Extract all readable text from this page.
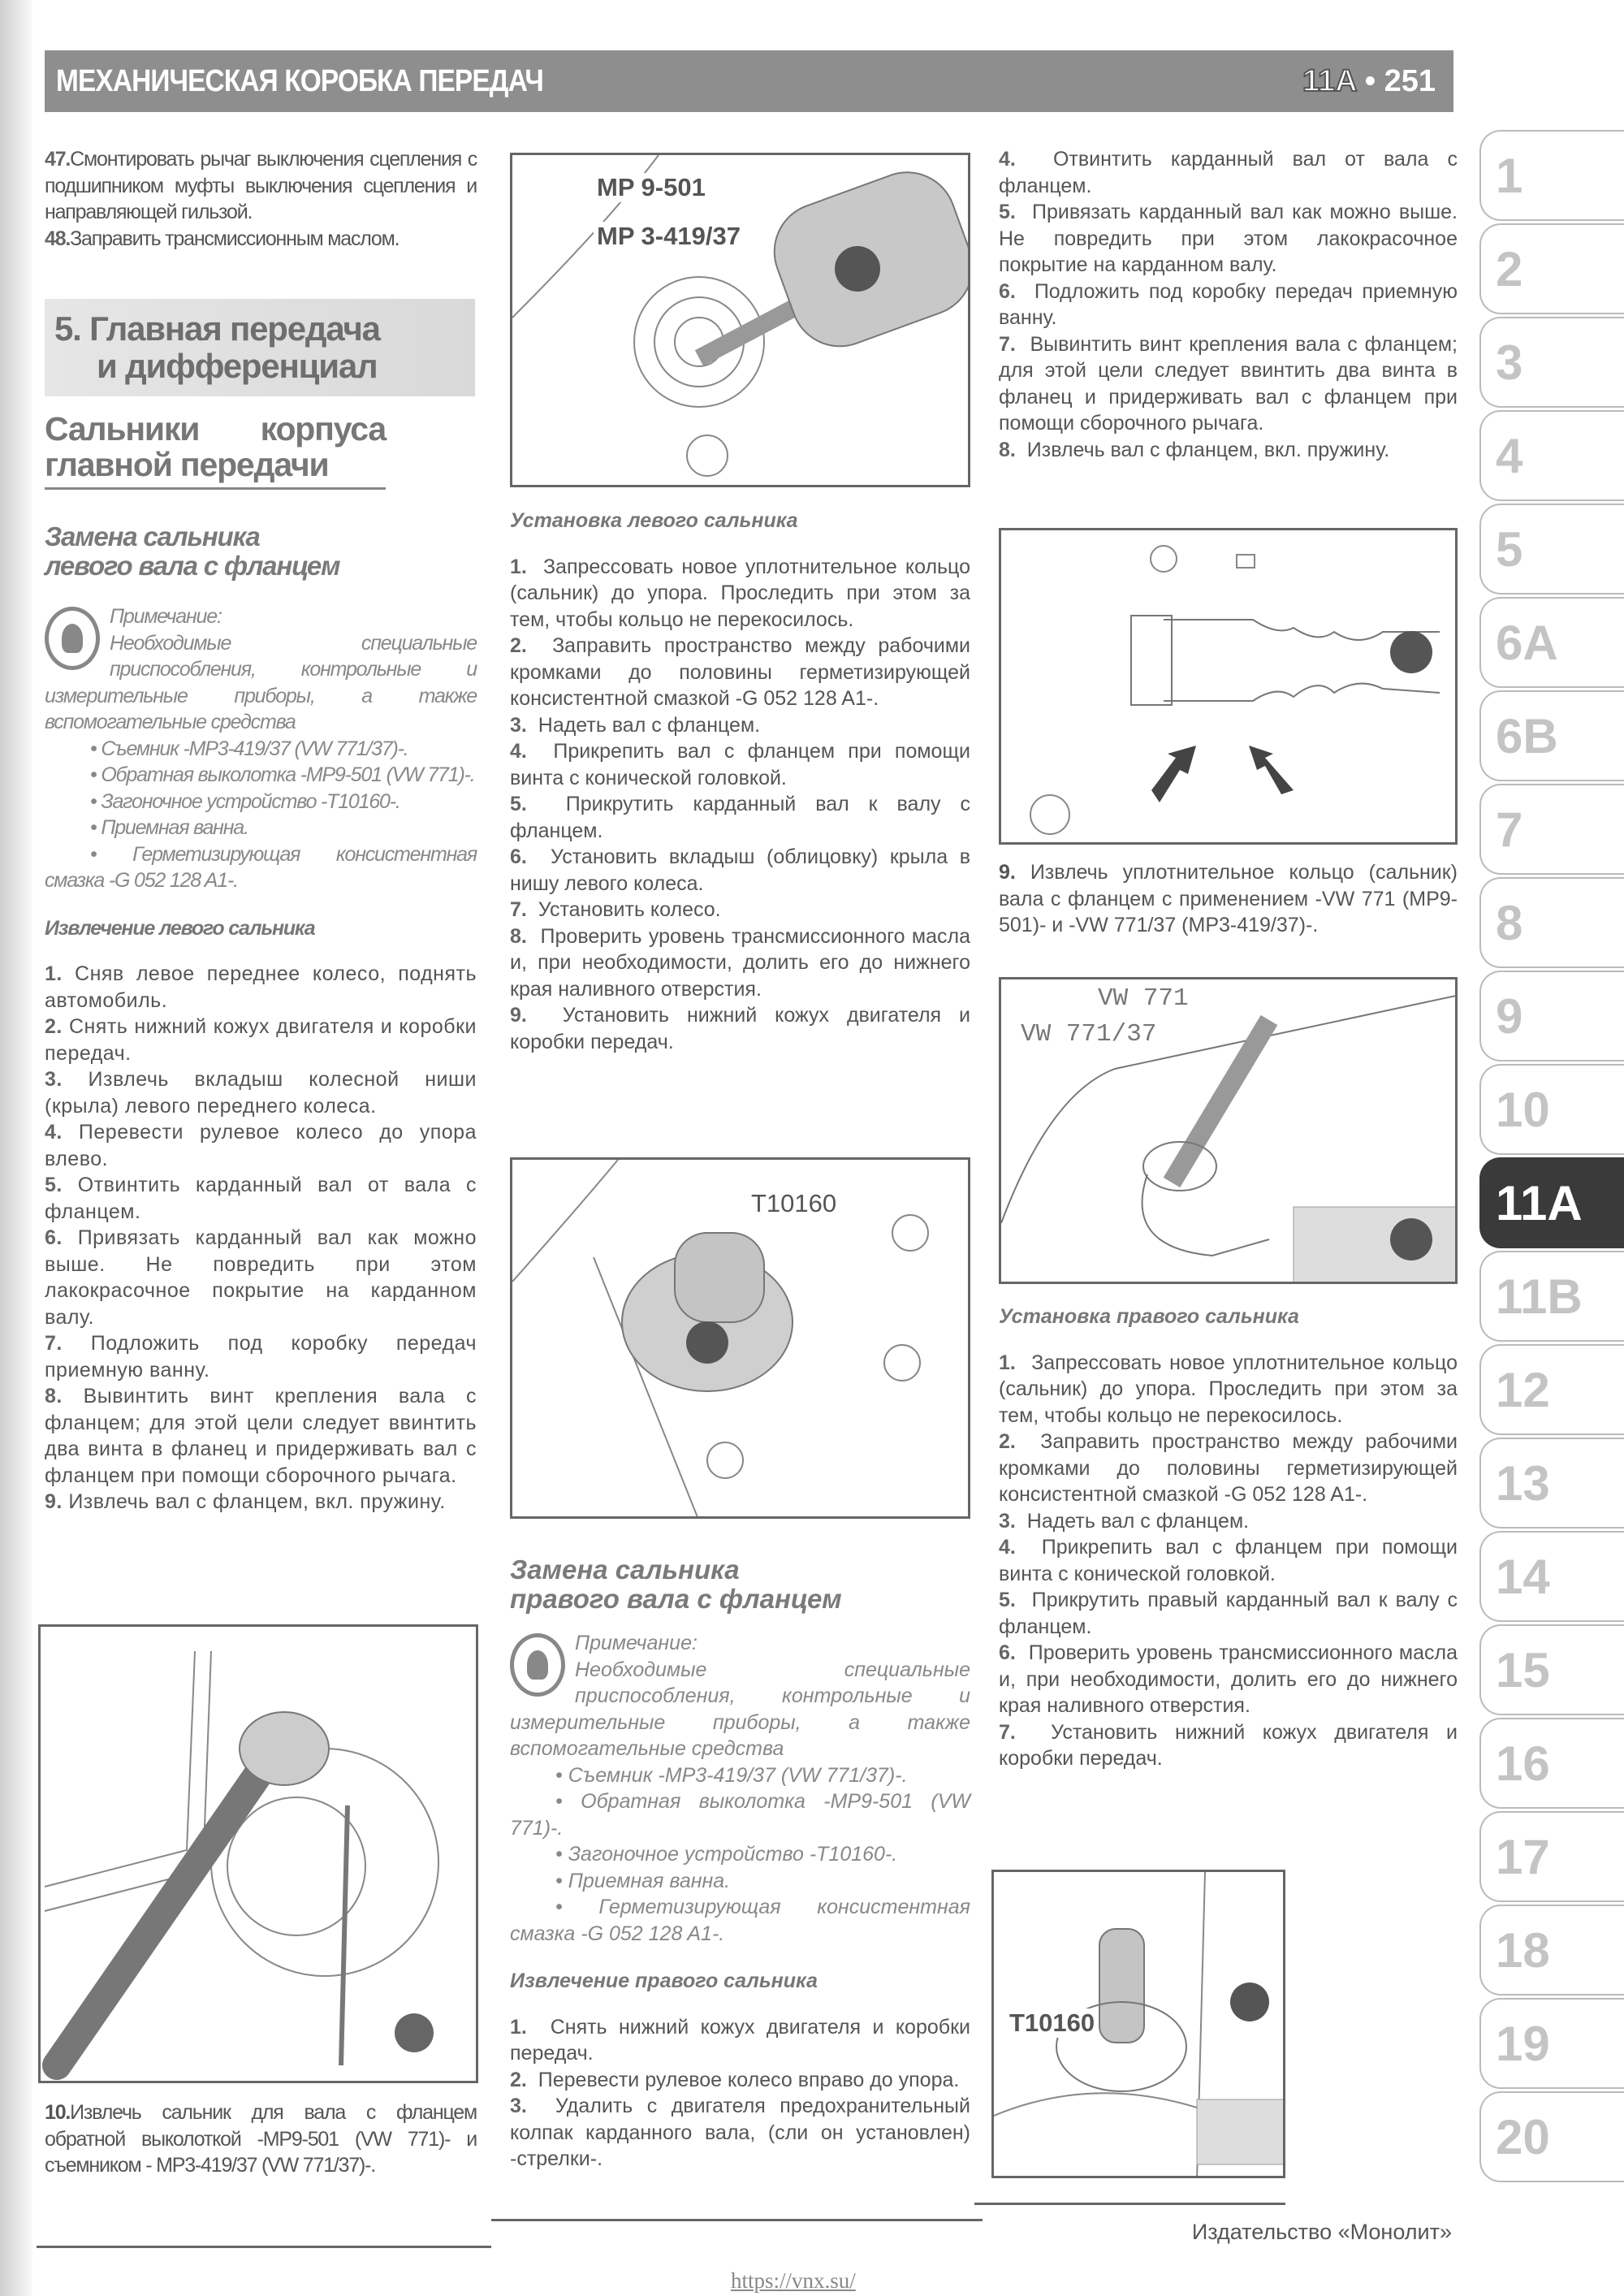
МЕХАНИЧЕСКАЯ КОРОБКА ПЕРЕДАЧ	11A • 251
47.Смонтировать рычаг выключения сцепления с подшипником муфты выключения сцепления и направляющей гильзой.
48.Заправить трансмиссионным маслом.
5. Главная передача
и дифференциал
Сальники корпуса главной передачи
Замена сальника
левого вала с фланцем
Примечание:
Необходимые специальные приспособления, контрольные и измерительные приборы, а также вспомогательные средства
• Съемник -МР3-419/37 (VW 771/37)-.
• Обратная выколотка -МР9-501 (VW 771)-.
• Загоночное устройство -Т10160-.
• Приемная ванна.
• Герметизирующая консистентная смазка -G 052 128 A1-.
Извлечение левого сальника
1. Сняв левое переднее колесо, поднять автомобиль.
2. Снять нижний кожух двигателя и коробки передач.
3. Извлечь вкладыш колесной ниши (крыла) левого переднего колеса.
4. Перевести рулевое колесо до упора влево.
5. Отвинтить карданный вал от вала с фланцем.
6. Привязать карданный вал как можно выше. Не повредить при этом лакокрасочное покрытие на карданном валу.
7. Подложить под коробку передач приемную ванну.
8. Вывинтить винт крепления вала с фланцем; для этой цели следует ввинтить два винта в фланец и придерживать вал с фланцем при помощи сборочного рычага.
9. Извлечь вал с фланцем, вкл. пружину.
10.Извлечь сальник для вала с фланцем обратной выколоткой -МР9-501 (VW 771)- и съемником - МР3-419/37 (VW 771/37)-.
MP 9-501
MP 3-419/37
Установка левого сальника
1. Запрессовать новое уплотнительное кольцо (сальник) до упора. Проследить при этом за тем, чтобы кольцо не перекосилось.
2. Заправить пространство между рабочими кромками до половины герметизирующей консистентной смазкой -G 052 128 A1-.
3. Надеть вал с фланцем.
4. Прикрепить вал с фланцем при помощи винта с конической головкой.
5. Прикрутить карданный вал к валу с фланцем.
6. Установить вкладыш (облицовку) крыла в нишу левого колеса.
7. Установить колесо.
8. Проверить уровень трансмиссионного масла и, при необходимости, долить его до нижнего края наливного отверстия.
9. Установить нижний кожух двигателя и коробки передач.
T10160
Замена сальника
правого вала с фланцем
Примечание:
Необходимые специальные приспособления, контрольные и измерительные приборы, а также вспомогательные средства
• Съемник -МР3-419/37 (VW 771/37)-.
• Обратная выколотка -МР9-501 (VW 771)-.
• Загоночное устройство -Т10160-.
• Приемная ванна.
• Герметизирующая консистентная смазка -G 052 128 A1-.
Извлечение правого сальника
1. Снять нижний кожух двигателя и коробки передач.
2. Перевести рулевое колесо вправо до упора.
3. Удалить с двигателя предохранительный колпак карданного вала, (сли он установлен) -стрелки-.
4. Отвинтить карданный вал от вала с фланцем.
5. Привязать карданный вал как можно выше. Не повредить при этом лакокрасочное покрытие на карданном валу.
6. Подложить под коробку передач приемную ванну.
7. Вывинтить винт крепления вала с фланцем; для этой цели следует ввинтить два винта в фланец и придерживать вал с фланцем при помощи сборочного рычага.
8. Извлечь вал с фланцем, вкл. пружину.
9. Извлечь уплотнительное кольцо (сальник) вала с фланцем с применением -VW 771 (МР9-501)- и -VW 771/37 (МР3-419/37)-.
VW 771
VW 771/37
Установка правого сальника
1. Запрессовать новое уплотнительное кольцо (сальник) до упора. Проследить при этом за тем, чтобы кольцо не перекосилось.
2. Заправить пространство между рабочими кромками до половины герметизирующей консистентной смазкой -G 052 128 A1-.
3. Надеть вал с фланцем.
4. Прикрепить вал с фланцем при помощи винта с конической головкой.
5. Прикрутить правый карданный вал к валу с фланцем.
6. Проверить уровень трансмиссионного масла и, при необходимости, долить его до нижнего края наливного отверстия.
7. Установить нижний кожух двигателя и коробки передач.
T10160
1
2
3
4
5
6A
6B
7
8
9
10
11A
11B
12
13
14
15
16
17
18
19
20
Издательство «Монолит»
https://vnx.su/
